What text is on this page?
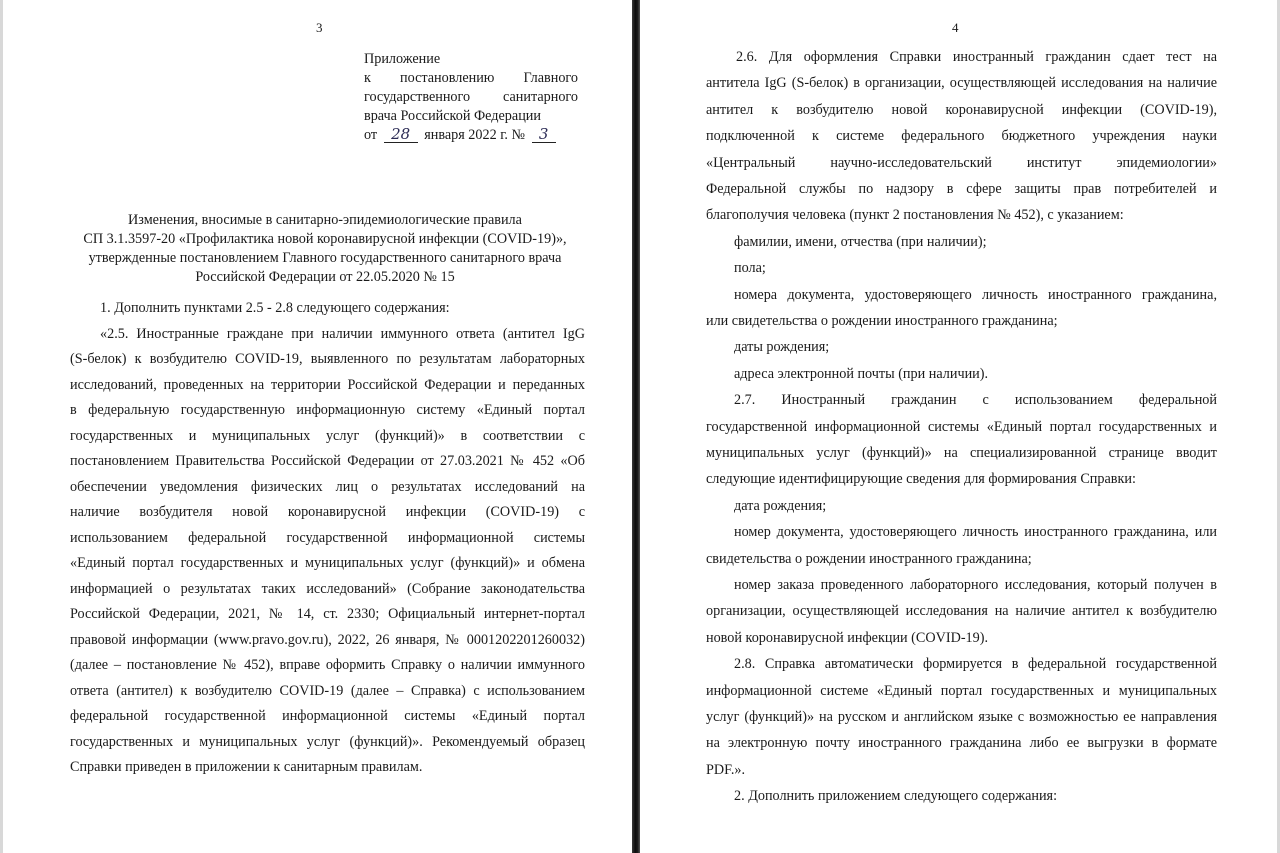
3
Приложение
к постановлению Главного
государственного санитарного
врача Российской Федерации
от 28 января 2022 г. № 3
Изменения, вносимые в санитарно-эпидемиологические правила
СП 3.1.3597-20 «Профилактика новой коронавирусной инфекции (COVID-19)»,
утвержденные постановлением Главного государственного санитарного врача
Российской Федерации от 22.05.2020 № 15
1. Дополнить пунктами 2.5 - 2.8 следующего содержания:
«2.5. Иностранные граждане при наличии иммунного ответа (антител IgG
(S-белок) к возбудителю COVID-19, выявленного по результатам лабораторных
исследований, проведенных на территории Российской Федерации и переданных
в федеральную государственную информационную систему «Единый портал
государственных и муниципальных услуг (функций)» в соответствии с
постановлением Правительства Российской Федерации от 27.03.2021 № 452 «Об
обеспечении уведомления физических лиц о результатах исследований на
наличие возбудителя новой коронавирусной инфекции (COVID-19) с
использованием федеральной государственной информационной системы
«Единый портал государственных и муниципальных услуг (функций)» и обмена
информацией о результатах таких исследований» (Собрание законодательства
Российской Федерации, 2021, № 14, ст. 2330; Официальный интернет-портал
правовой информации (www.pravo.gov.ru), 2022, 26 января, № 0001202201260032)
(далее – постановление № 452), вправе оформить Справку о наличии иммунного
ответа (антител) к возбудителю COVID-19 (далее – Справка) с использованием
федеральной государственной информационной системы «Единый портал
государственных и муниципальных услуг (функций)». Рекомендуемый образец
Справки приведен в приложении к санитарным правилам.
4
2.6. Для оформления Справки иностранный гражданин сдает тест на
антитела IgG (S-белок) в организации, осуществляющей исследования на наличие
антител к возбудителю новой коронавирусной инфекции (COVID-19),
подключенной к системе федерального бюджетного учреждения науки
«Центральный научно-исследовательский институт эпидемиологии»
Федеральной службы по надзору в сфере защиты прав потребителей и
благополучия человека (пункт 2 постановления № 452), с указанием:
фамилии, имени, отчества (при наличии);
пола;
номера документа, удостоверяющего личность иностранного гражданина,
или свидетельства о рождении иностранного гражданина;
даты рождения;
адреса электронной почты (при наличии).
2.7. Иностранный гражданин с использованием федеральной
государственной информационной системы «Единый портал государственных и
муниципальных услуг (функций)» на специализированной странице вводит
следующие идентифицирующие сведения для формирования Справки:
дата рождения;
номер документа, удостоверяющего личность иностранного гражданина, или
свидетельства о рождении иностранного гражданина;
номер заказа проведенного лабораторного исследования, который получен в
организации, осуществляющей исследования на наличие антител к возбудителю
новой коронавирусной инфекции (COVID-19).
2.8. Справка автоматически формируется в федеральной государственной
информационной системе «Единый портал государственных и муниципальных
услуг (функций)» на русском и английском языке с возможностью ее направления
на электронную почту иностранного гражданина либо ее выгрузки в формате
PDF.».
2. Дополнить приложением следующего содержания:
